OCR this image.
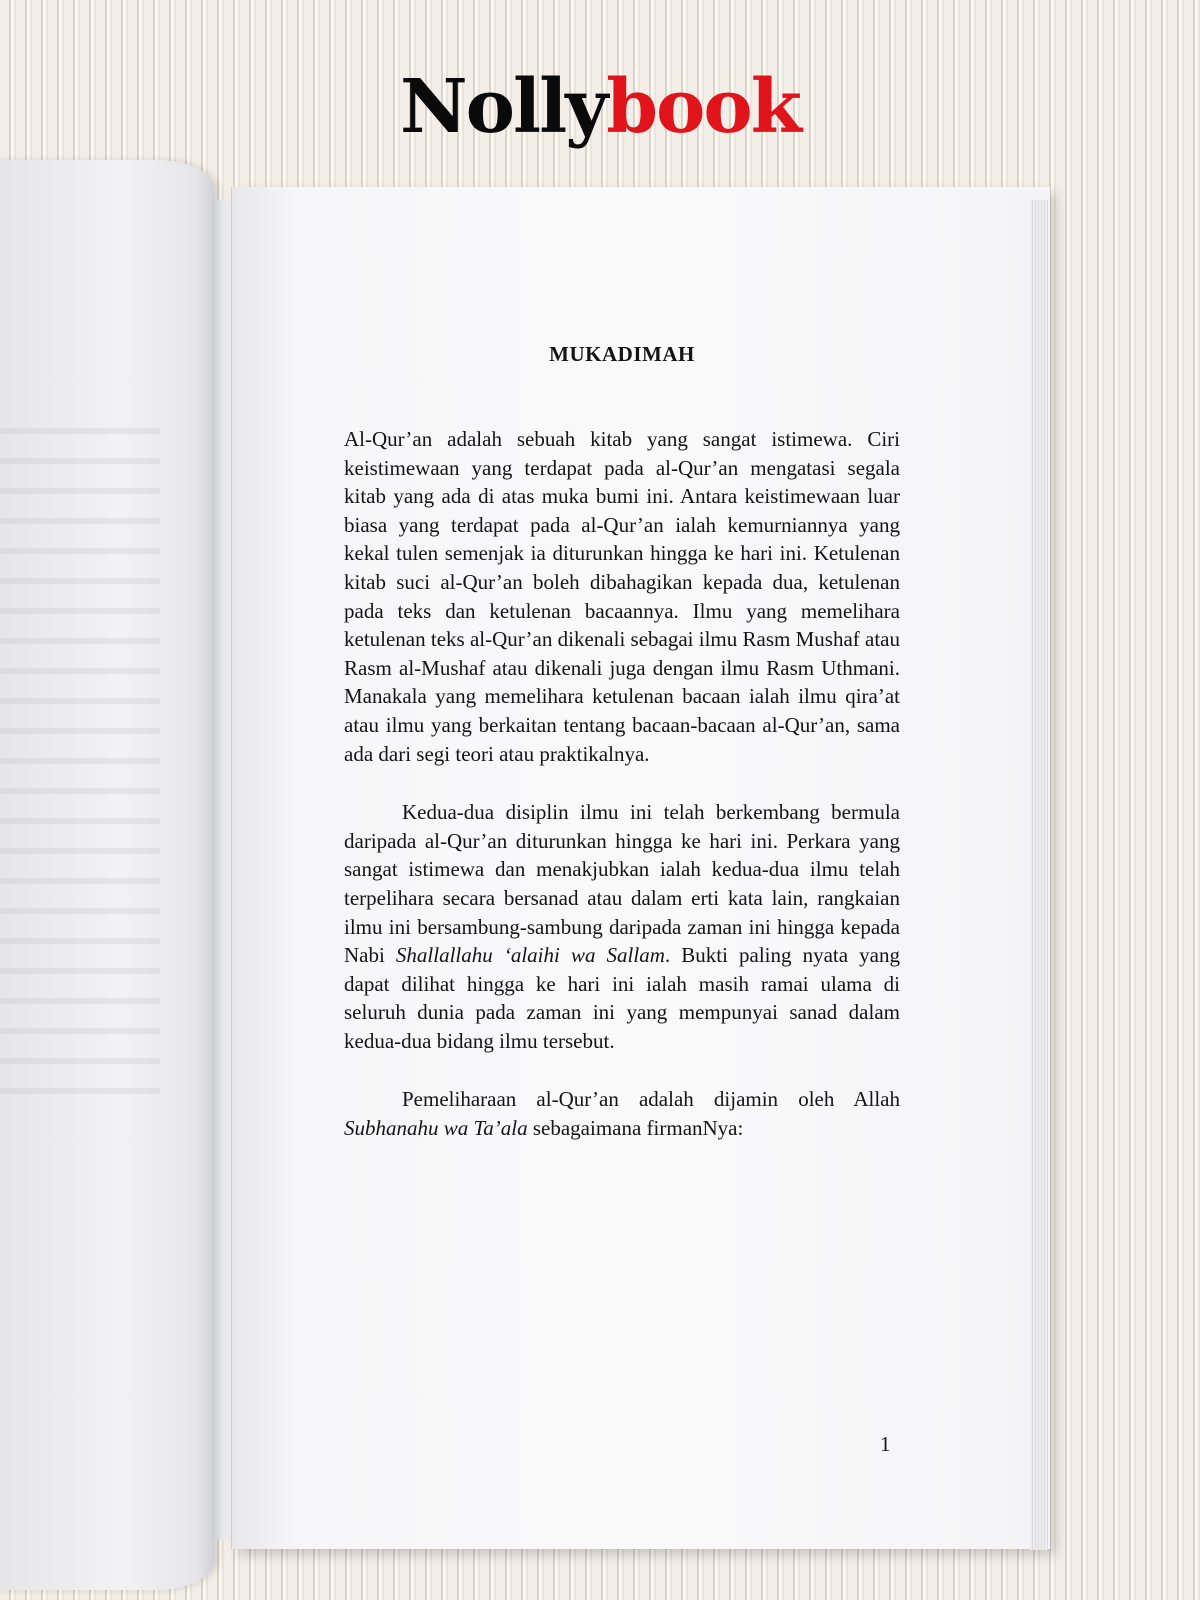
Nollybook
MUKADIMAH

Al-Qur’an adalah sebuah kitab yang sangat istimewa. Ciri keistimewaan yang terdapat pada al-Qur’an mengatasi segala kitab yang ada di atas muka bumi ini. Antara keistimewaan luar biasa yang terdapat pada al-Qur’an ialah kemurniannya yang kekal tulen semenjak ia diturunkan hingga ke hari ini. Ketulenan kitab suci al-Qur’an boleh dibahagikan kepada dua, ketulenan pada teks dan ketulenan bacaannya. Ilmu yang memelihara ketulenan teks al-Qur’an dikenali sebagai ilmu Rasm Mushaf atau Rasm al-Mushaf atau dikenali juga dengan ilmu Rasm Uthmani. Manakala yang memelihara ketulenan bacaan ialah ilmu qira’at atau ilmu yang berkaitan tentang bacaan-bacaan al-Qur’an, sama ada dari segi teori atau praktikalnya.

Kedua-dua disiplin ilmu ini telah berkembang bermula daripada al-Qur’an diturunkan hingga ke hari ini. Perkara yang sangat istimewa dan menakjubkan ialah kedua-dua ilmu telah terpelihara secara bersanad atau dalam erti kata lain, rangkaian ilmu ini bersambung-sambung daripada zaman ini hingga kepada Nabi Shallallahu ‘alaihi wa Sallam. Bukti paling nyata yang dapat dilihat hingga ke hari ini ialah masih ramai ulama di seluruh dunia pada zaman ini yang mempunyai sanad dalam kedua-dua bidang ilmu tersebut.

Pemeliharaan al-Qur’an adalah dijamin oleh Allah Subhanahu wa Ta’ala sebagaimana firmanNya:

1
